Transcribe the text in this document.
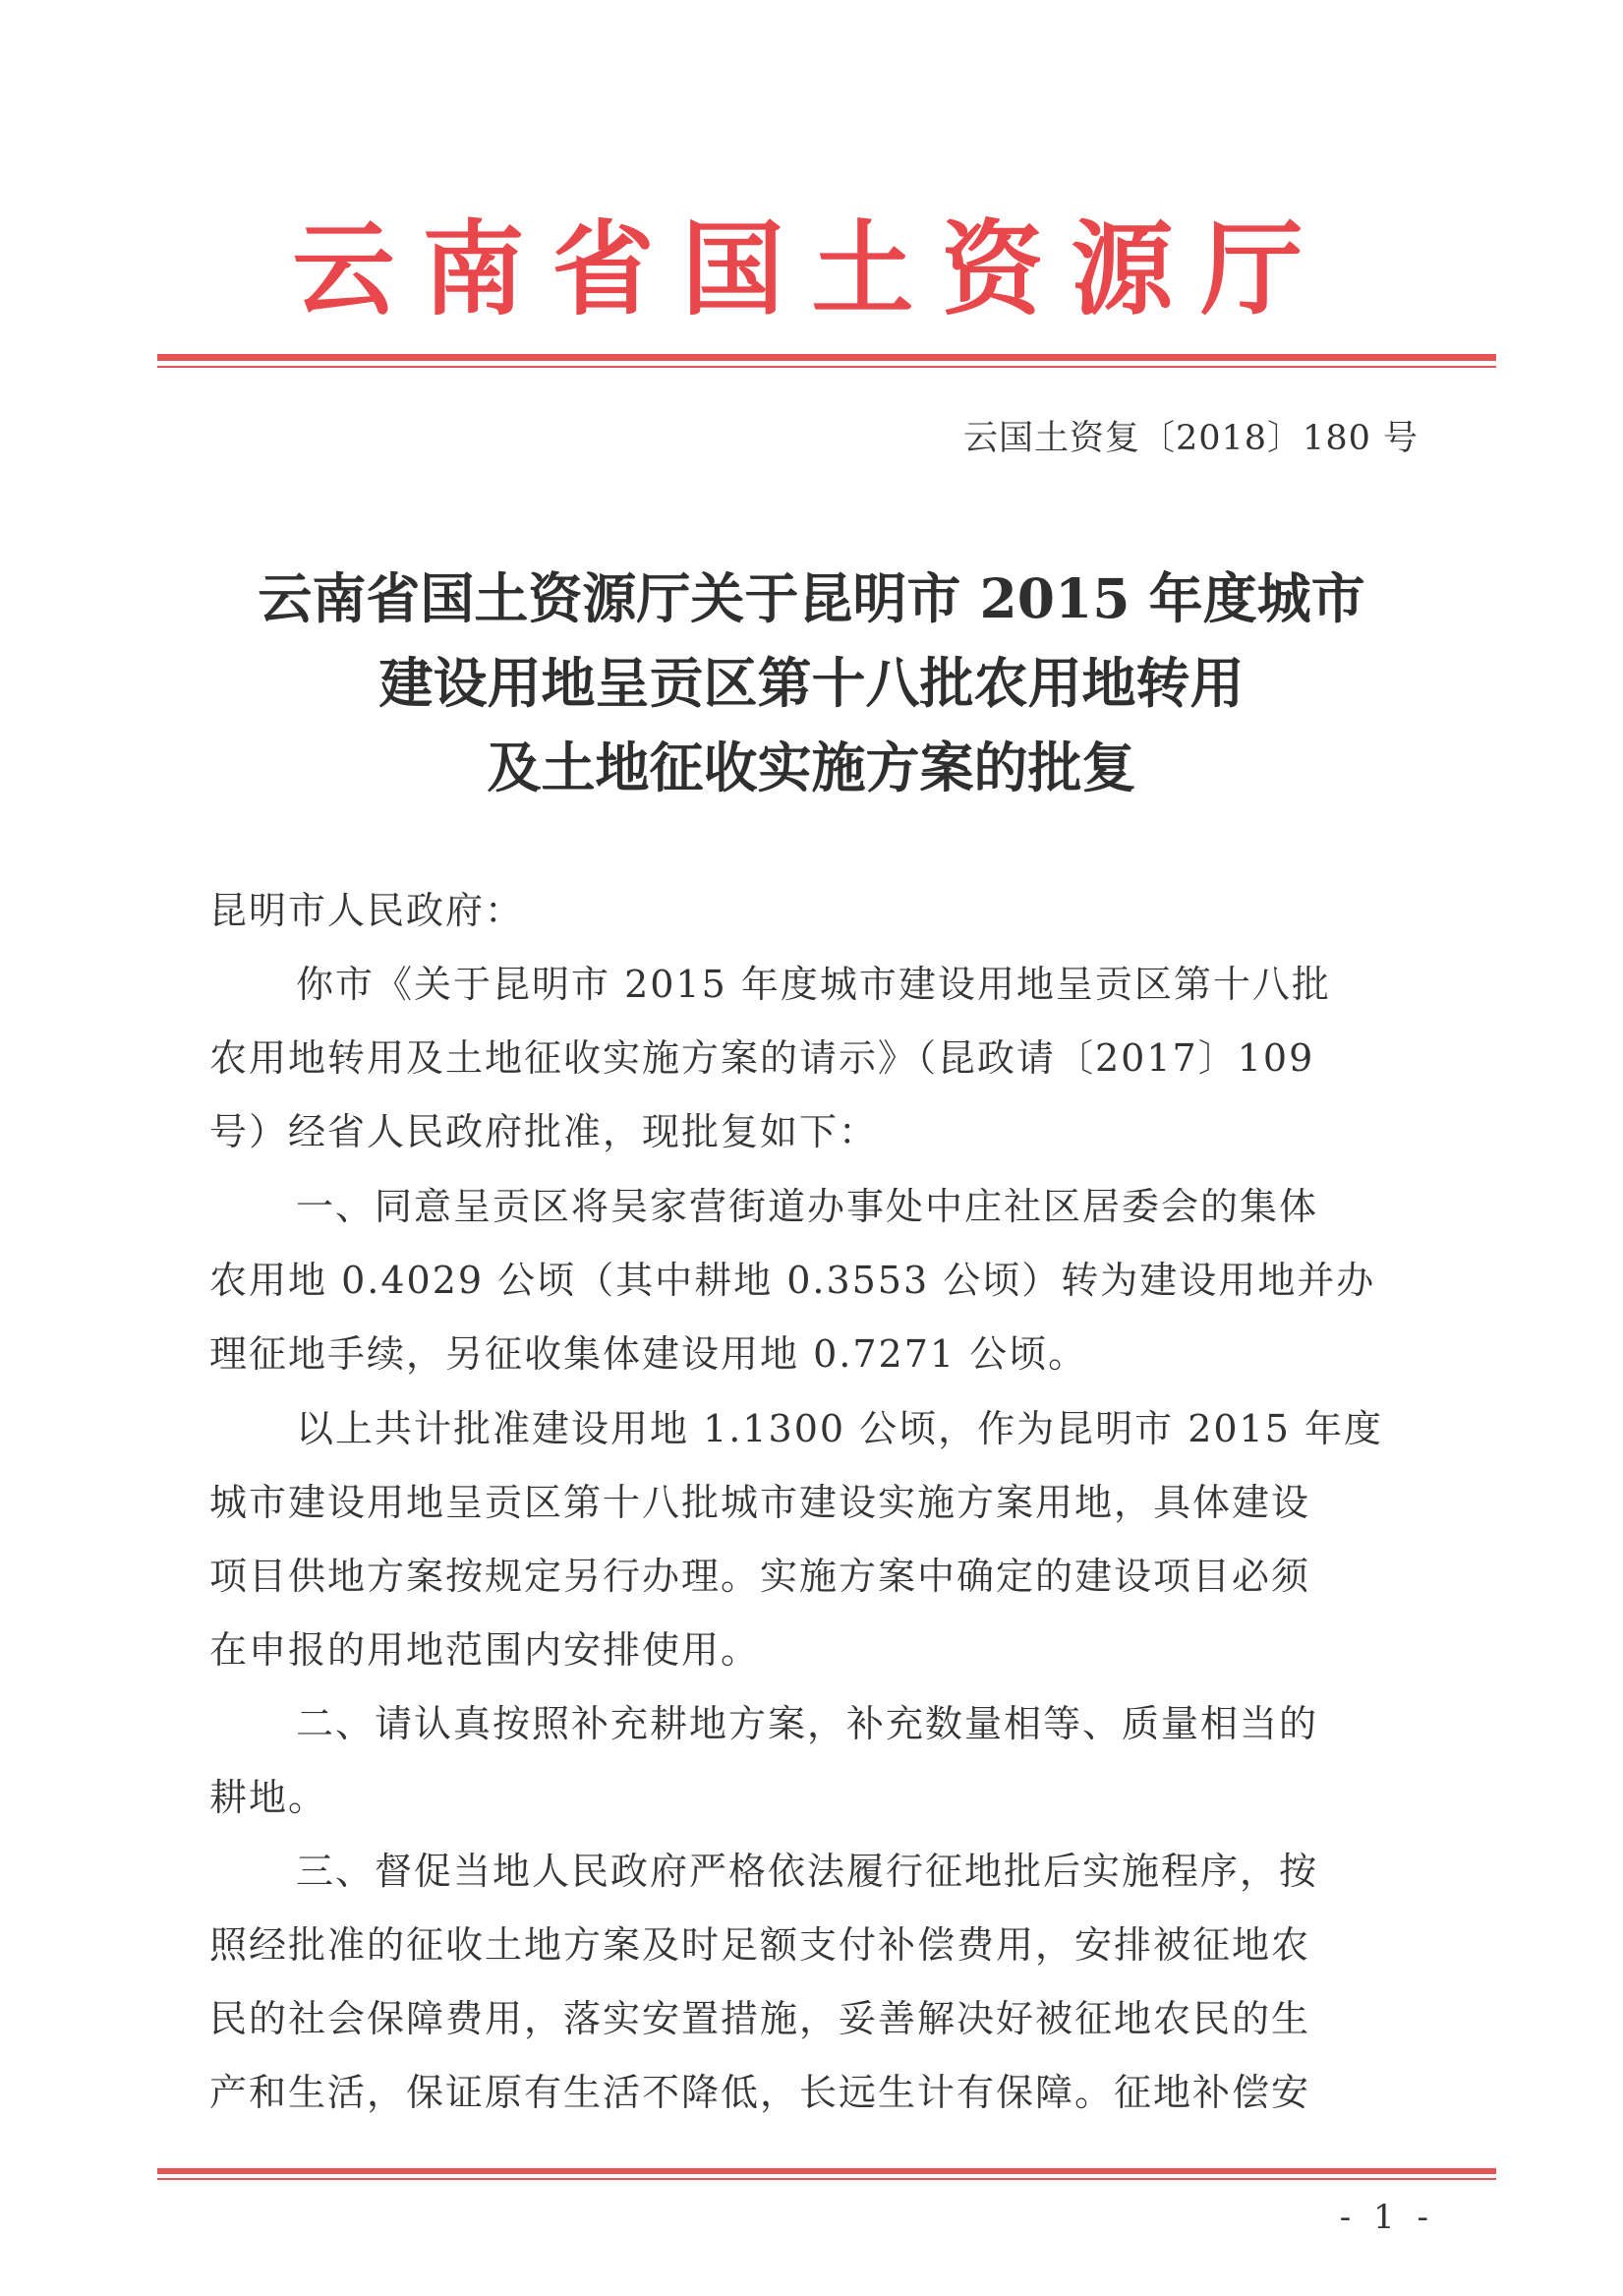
云南省国土资源厅
云国土资复〔2018〕180 号
云南省国土资源厅关于昆明市 2015 年度城市
建设用地呈贡区第十八批农用地转用
及土地征收实施方案的批复
昆明市人民政府：
你市《关于昆明市 2015 年度城市建设用地呈贡区第十八批
农用地转用及土地征收实施方案的请示》（昆政请〔2017〕109
号）经省人民政府批准，现批复如下：
一、同意呈贡区将吴家营街道办事处中庄社区居委会的集体
农用地 0.4029 公顷（其中耕地 0.3553 公顷）转为建设用地并办
理征地手续，另征收集体建设用地 0.7271 公顷。
以上共计批准建设用地 1.1300 公顷，作为昆明市 2015 年度
城市建设用地呈贡区第十八批城市建设实施方案用地，具体建设
项目供地方案按规定另行办理。实施方案中确定的建设项目必须
在申报的用地范围内安排使用。
二、请认真按照补充耕地方案，补充数量相等、质量相当的
耕地。
三、督促当地人民政府严格依法履行征地批后实施程序，按
照经批准的征收土地方案及时足额支付补偿费用，安排被征地农
民的社会保障费用，落实安置措施，妥善解决好被征地农民的生
产和生活，保证原有生活不降低，长远生计有保障。征地补偿安
- 1 -
